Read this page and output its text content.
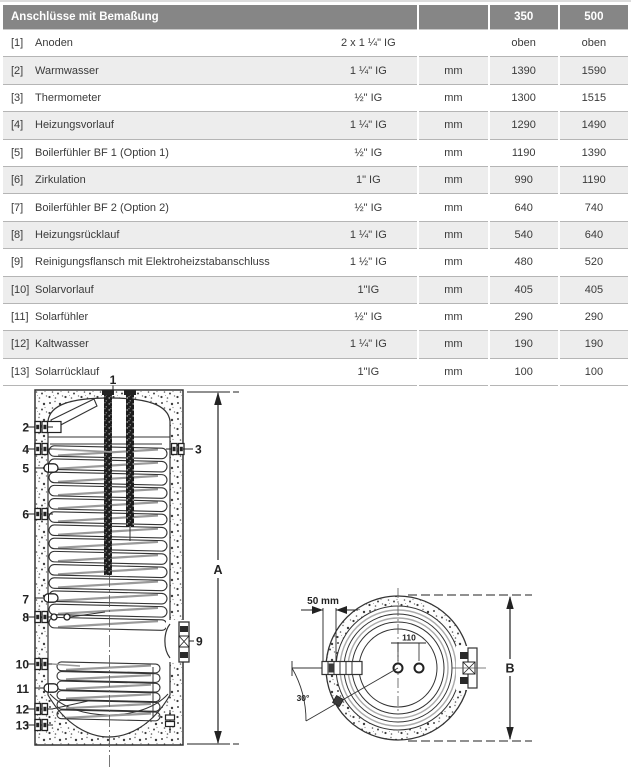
Anschlüsse mit Bemaßung		350	500

[1] Anoden 2 x 1 ¼" IG		oben	oben

[2] Warmwasser 1 ¼" IG	mm	1390	1590

[3] Thermometer ½" IG	mm	1300	1515

[4] Heizungsvorlauf 1 ¼" IG	mm	1290	1490

[5] Boilerfühler BF 1 (Option 1) ½" IG	mm	1190	1390

[6] Zirkulation 1" IG	mm	990	1190

[7] Boilerfühler BF 2 (Option 2) ½" IG	mm	640	740

[8] Heizungsrücklauf 1 ¼" IG	mm	540	640

[9] Reinigungsflansch mit Elektroheizstabanschluss 1 ½" IG	mm	480	520

[10] Solarvorlauf 1"IG	mm	405	405

[11] Solarfühler ½" IG	mm	290	290

[12] Kaltwasser 1 ¼" IG	mm	190	190

[13] Solarrücklauf 1"IG	mm	100	100
A
1
2
4
5
6
7
8
10
11
12
13
3
9	110
50 mm
30°
B
